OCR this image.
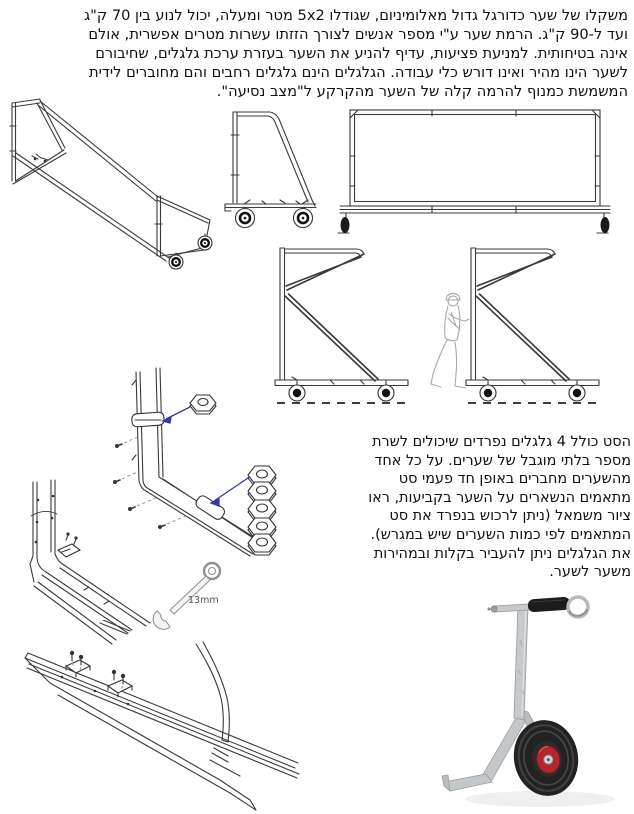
משקלו של שער כדורגל גדול מאלומיניום, שגודלו 5x2 מטר ומעלה, יכול לנוע בין 70 ק"ג
ועד ל-90 ק"ג. הרמת שער ע"י מספר אנשים לצורך הזזתו עשרות מטרים אפשרית, אולם
אינה בטיחותית. למניעת פציעות, עדיף להניע את השער בעזרת ערכת גלגלים, שחיבורם
לשער הינו מהיר ואינו דורש כלי עבודה. הגלגלים הינם גלגלים רחבים והם מחוברים לידית
המשמשת כמנוף להרמה קלה של השער מהקרקע ל"מצב נסיעה".
הסט כולל 4 גלגלים נפרדים שיכולים לשרת
מספר בלתי מוגבל של שערים. על כל אחד
מהשערים מחברים באופן חד פעמי סט
מתאמים הנשארים על השער בקביעות, ראו
ציור משמאל (ניתן לרכוש בנפרד את סט
המתאמים לפי כמות השערים שיש במגרש).
את הגלגלים ניתן להעביר בקלות ובמהירות
משער לשער.
13mm
